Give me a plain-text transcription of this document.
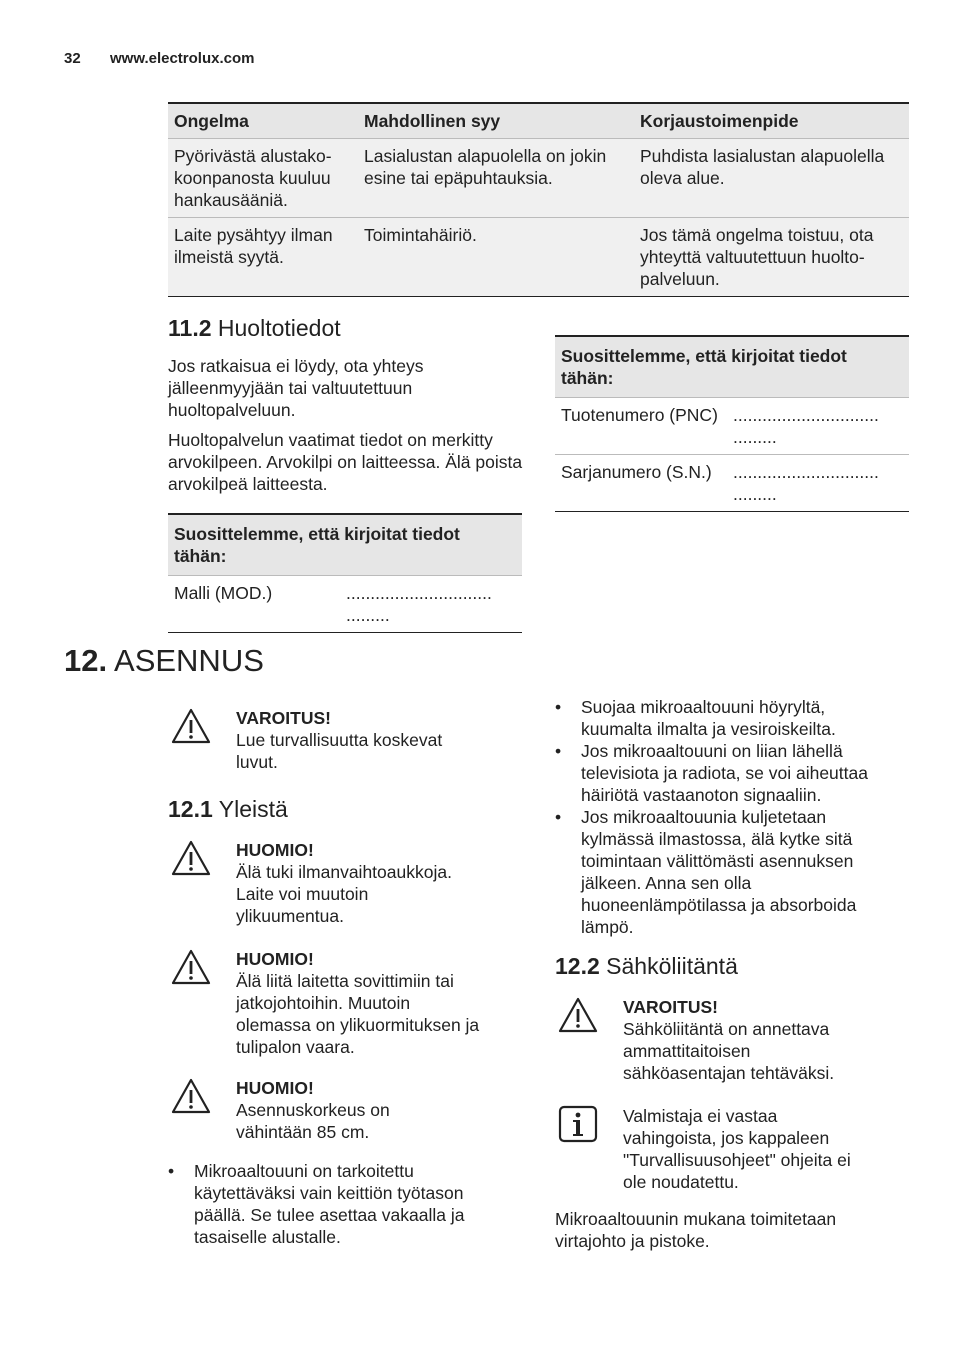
32 www.electrolux.com
Ongelma	Mahdollinen syy	Korjaustoimenpide
Pyörivästä alustako-koonpanosta kuuluu hankausääniä.	Lasialustan alapuolella on jokin esine tai epäpuhtauksia.	Puhdista lasialustan alapuolella oleva alue.
Laite pysähtyy ilman ilmeistä syytä.	Toimintahäiriö.	Jos tämä ongelma toistuu, ota yhteyttä valtuutettuun huolto-palveluun.
11.2 Huoltotiedot

Jos ratkaisua ei löydy, ota yhteys jälleenmyyjään tai valtuutettuun huoltopalveluun.

Huoltopalvelun vaatimat tiedot on merkitty arvokilpeen. Arvokilpi on laitteessa. Älä poista arvokilpeä laitteesta.

Suosittelemme, että kirjoitat tiedot tähän:
Malli (MOD.)	.............................. .........
Suosittelemme, että kirjoitat tiedot tähän:	
Tuotenumero (PNC)	.............................. .........
Sarjanumero (S.N.)	.............................. .........
12. ASENNUS
VAROITUS!
Lue turvallisuutta koskevat luvut.
12.1 Yleistä
HUOMIO!
Älä tuki ilmanvaihtoaukkoja. Laite voi muutoin ylikuumentua.
HUOMIO!
Älä liitä laitetta sovittimiin tai jatkojohtoihin. Muutoin olemassa on ylikuormituksen ja tulipalon vaara.
HUOMIO!
Asennuskorkeus on vähintään 85 cm.
• Mikroaaltouuni on tarkoitettu käytettäväksi vain keittiön työtason päällä. Se tulee asettaa vakaalla ja tasaiselle alustalle.
• Suojaa mikroaaltouuni höyryltä, kuumalta ilmalta ja vesiroiskeilta.
• Jos mikroaaltouuni on liian lähellä televisiota ja radiota, se voi aiheuttaa häiriötä vastaanoton signaaliin.
• Jos mikroaaltouunia kuljetetaan kylmässä ilmastossa, älä kytke sitä toimintaan välittömästi asennuksen jälkeen. Anna sen olla huoneenlämpötilassa ja absorboida lämpö.
12.2 Sähköliitäntä
VAROITUS!
Sähköliitäntä on annettava ammattitaitoisen sähköasentajan tehtäväksi.
Valmistaja ei vastaa vahingoista, jos kappaleen "Turvallisuusohjeet" ohjeita ei ole noudatettu.

Mikroaaltouunin mukana toimitetaan virtajohto ja pistoke.
